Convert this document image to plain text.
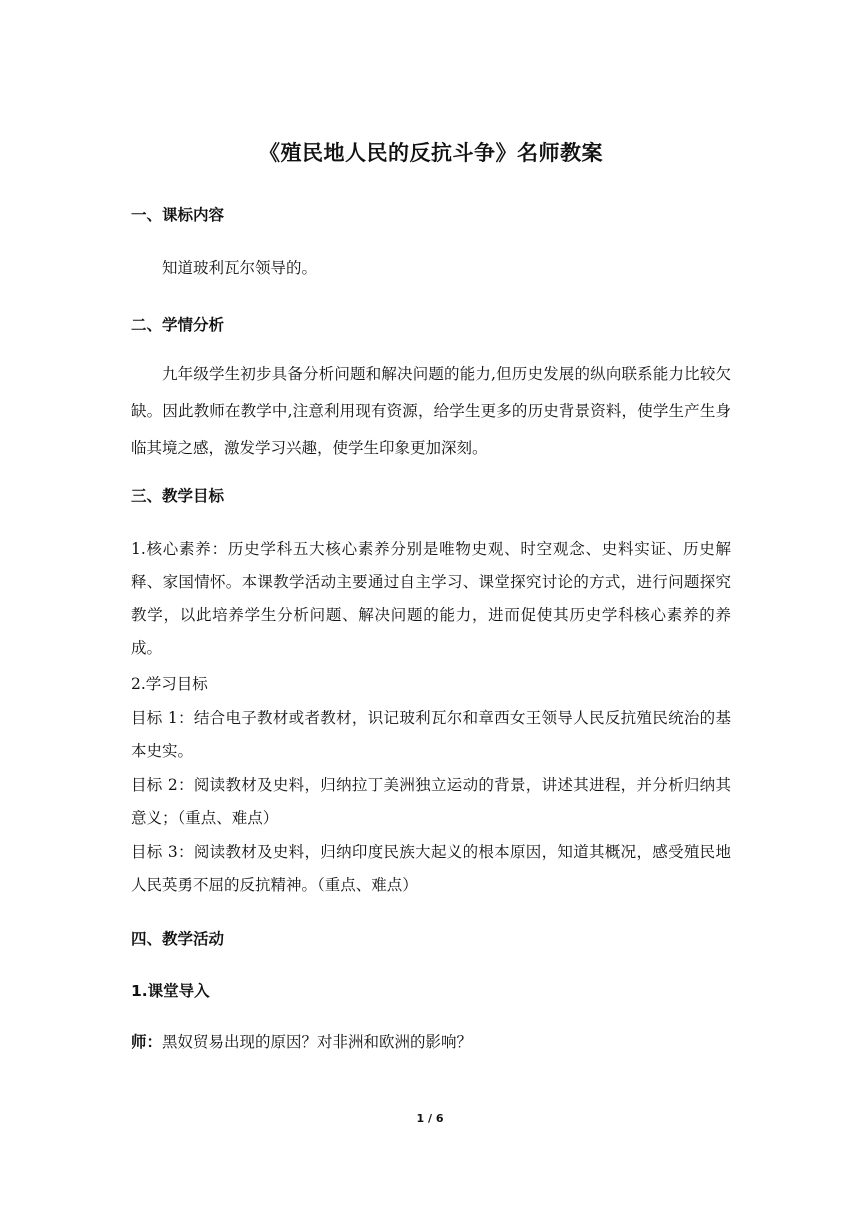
《殖民地人民的反抗斗争》名师教案
一、课标内容
知道玻利瓦尔领导的。
二、学情分析
九年级学生初步具备分析问题和解决问题的能力,但历史发展的纵向联系能力比较欠缺。因此教师在教学中,注意利用现有资源，给学生更多的历史背景资料，使学生产生身临其境之感，激发学习兴趣，使学生印象更加深刻。
三、教学目标
1.核心素养：历史学科五大核心素养分别是唯物史观、时空观念、史料实证、历史解释、家国情怀。本课教学活动主要通过自主学习、课堂探究讨论的方式，进行问题探究教学，以此培养学生分析问题、解决问题的能力，进而促使其历史学科核心素养的养成。
2.学习目标
目标 1：结合电子教材或者教材，识记玻利瓦尔和章西女王领导人民反抗殖民统治的基本史实。
目标 2：阅读教材及史料，归纳拉丁美洲独立运动的背景，讲述其进程，并分析归纳其意义；（重点、难点）
目标 3：阅读教材及史料，归纳印度民族大起义的根本原因，知道其概况，感受殖民地人民英勇不屈的反抗精神。（重点、难点）
四、教学活动
1.课堂导入
师：黑奴贸易出现的原因？对非洲和欧洲的影响？
1 / 6
